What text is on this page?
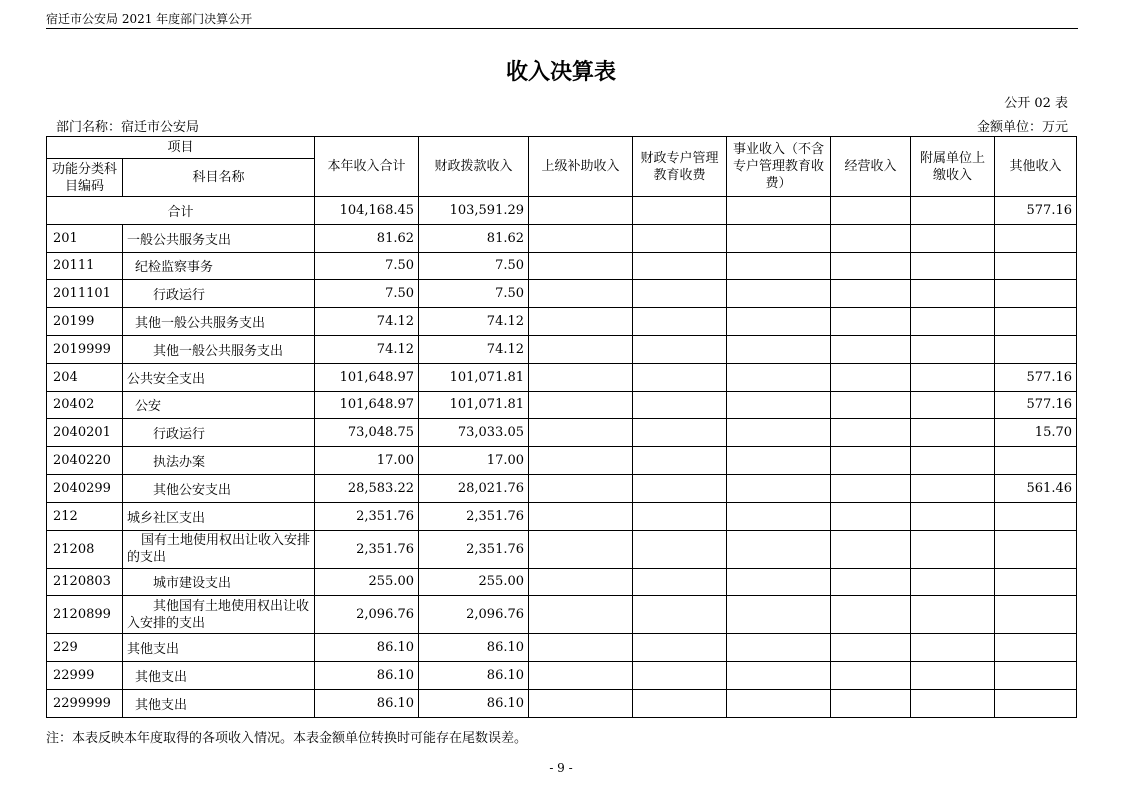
宿迁市公安局 2021 年度部门决算公开
收入决算表
公开 02 表
部门名称：宿迁市公安局	金额单位：万元
项目		本年收入合计	财政拨款收入	上级补助收入	财政专户管理教育收费	事业收入（不含专户管理教育收费）	经营收入	附属单位上缴收入	其他收入
功能分类科目编码	科目名称								
合计		104,168.45	103,591.29						577.16
201	一般公共服务支出	81.62	81.62						
20111	纪检监察事务	7.50	7.50						
2011101	行政运行	7.50	7.50						
20199	其他一般公共服务支出	74.12	74.12						
2019999	其他一般公共服务支出	74.12	74.12						
204	公共安全支出	101,648.97	101,071.81						577.16
20402	公安	101,648.97	101,071.81						577.16
2040201	行政运行	73,048.75	73,033.05						15.70
2040220	执法办案	17.00	17.00						
2040299	其他公安支出	28,583.22	28,021.76						561.46
212	城乡社区支出	2,351.76	2,351.76						
21208	国有土地使用权出让收入安排的支出	2,351.76	2,351.76						
2120803	城市建设支出	255.00	255.00						
2120899	其他国有土地使用权出让收入安排的支出	2,096.76	2,096.76						
229	其他支出	86.10	86.10						
22999	其他支出	86.10	86.10						
2299999	其他支出	86.10	86.10						
注：本表反映本年度取得的各项收入情况。本表金额单位转换时可能存在尾数误差。
- 9 -
